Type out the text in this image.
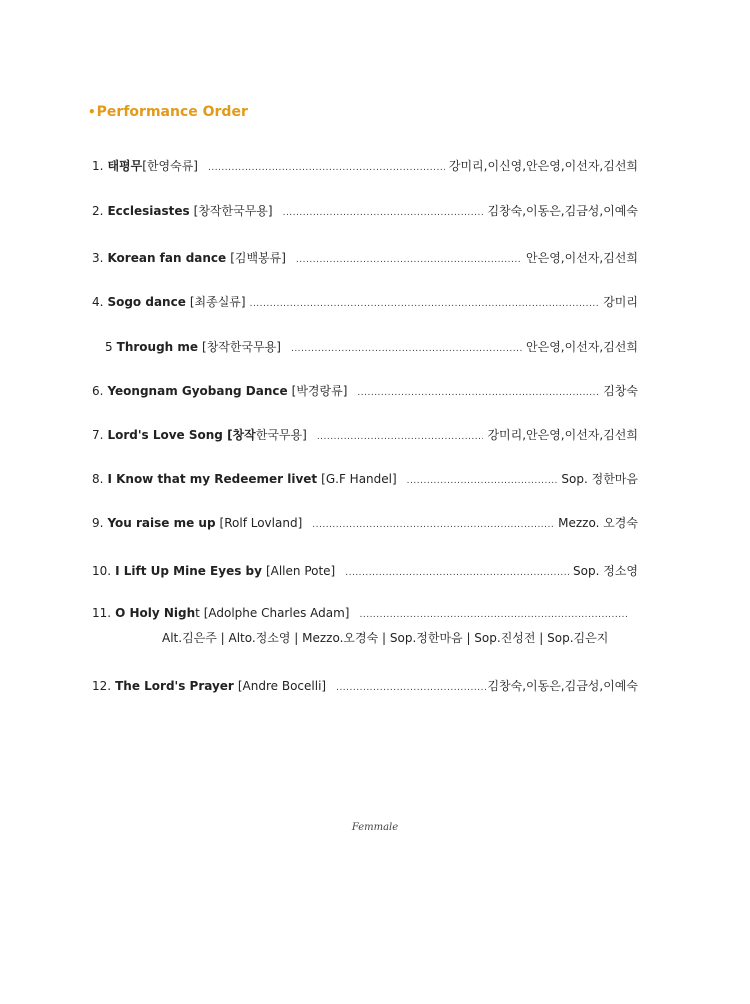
• Performance Order
1. 태평무 [한영숙류] .....	강미리,이신영,안은영,이선자,김선희
2. Ecclesiastes [창작한국무용] .....	김창숙,이동은,김금성,이예숙
3. Korean fan dance [김백봉류] .....	안은영,이선자,김선희
4. Sogo dance [최종실류] .....	강미리
5 Through me [창작한국무용] .....	안은영,이선자,김선희
6. Yeongnam Gyobang Dance [박경랑류] .....	김창숙
7. Lord's Love Song [창작 한국무용] .....	강미리,안은영,이선자,김선희
8. I Know that my Redeemer livet [G.F Handel] .....	Sop. 정한마음
9. You raise me up [Rolf Lovland] .....	Mezzo. 오경숙
10. I Lift Up Mine Eyes by [Allen Pote] .....	Sop. 정소영
11. O Holy Nigh t [Adolphe Charles Adam]
.....
Alt.김은주 | Alto.정소영 | Mezzo.오경숙 | Sop.정한마음 | Sop.진성전 | Sop.김은지
12. The Lord's Prayer [Andre Bocelli] .....	김창숙,이동은,김금성,이예숙
Femmale
